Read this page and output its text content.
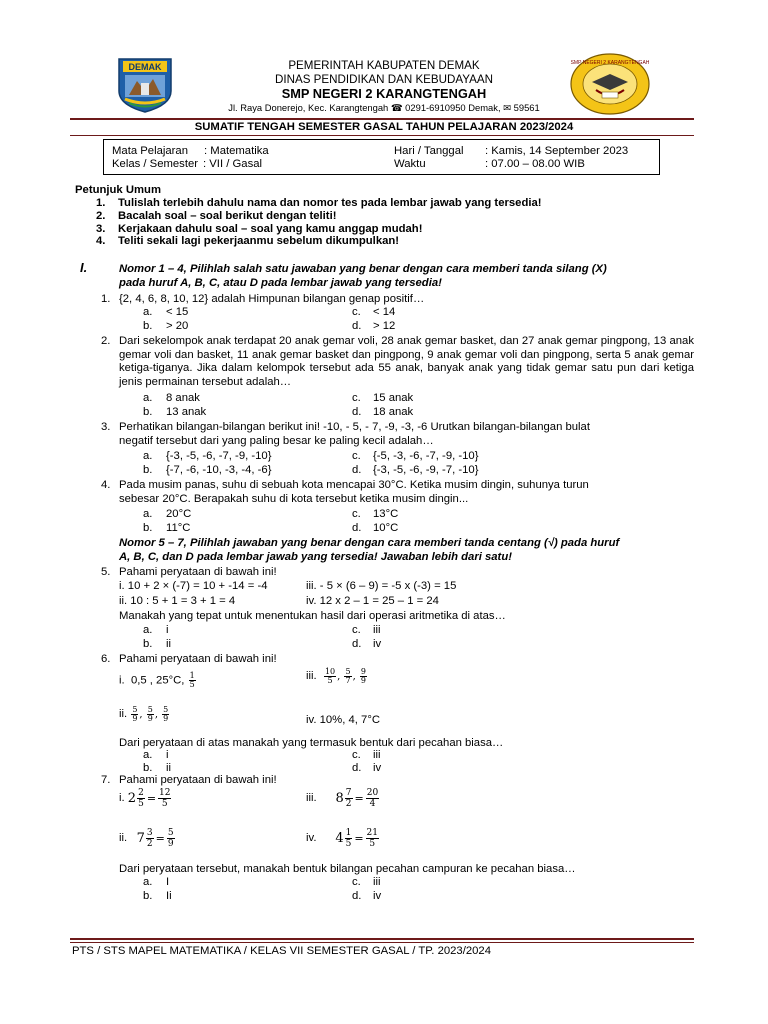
DEMAK	SMP NEGERI 2 KARANGTENGAH
PEMERINTAH KABUPATEN DEMAK
DINAS PENDIDIKAN DAN KEBUDAYAAN
SMP NEGERI 2 KARANGTENGAH
Jl. Raya Donerejo, Kec. Karangtengah ☎ 0291-6910950 Demak, ✉ 59561
SUMATIF TENGAH SEMESTER GASAL TAHUN PELAJARAN 2023/2024
Mata Pelajaran : Matematika
Kelas / Semester : VII / Gasal
Hari / Tanggal : Kamis, 14 September 2023
Waktu	: 07.00 – 08.00 WIB
Petunjuk Umum
1. Tulislah terlebih dahulu nama dan nomor tes pada lembar jawab yang tersedia!
2. Bacalah soal – soal berikut dengan teliti!
3. Kerjakaan dahulu soal – soal yang kamu anggap mudah!
4. Teliti sekali lagi pekerjaanmu sebelum dikumpulkan!
I.	Nomor 1 – 4, Pilihlah salah satu jawaban yang benar dengan cara memberi tanda silang (X)
pada huruf A, B, C, atau D pada lembar jawab yang tersedia!
1. {2, 4, 6, 8, 10, 12} adalah Himpunan bilangan genap positif…
a. < 15	c. < 14
b. > 20	d. > 12
2. Dari sekelompok anak terdapat 20 anak gemar voli, 28 anak gemar basket, dan 27 anak gemar pingpong, 13 anak gemar voli dan basket, 11 anak gemar basket dan pingpong, 9 anak gemar voli dan pingpong, serta 5 anak gemar ketiga-tiganya. Jika dalam kelompok tersebut ada 55 anak, banyak anak yang tidak gemar satu pun dari ketiga jenis permainan tersebut adalah…
a. 8 anak	c. 15 anak
b. 13 anak	d. 18 anak
3. Perhatikan bilangan-bilangan berikut ini! -10, - 5, - 7, -9, -3, -6 Urutkan bilangan-bilangan bulat
negatif tersebut dari yang paling besar ke paling kecil adalah…
a. {-3, -5, -6, -7, -9, -10}	c. {-5, -3, -6, -7, -9, -10}
b. {-7, -6, -10, -3, -4, -6}	d. {-3, -5, -6, -9, -7, -10}
4. Pada musim panas, suhu di sebuah kota mencapai 30°C. Ketika musim dingin, suhunya turun
sebesar 20°C. Berapakah suhu di kota tersebut ketika musim dingin...
a. 20°C	c. 13°C
b. 11°C	d. 10°C
Nomor 5 – 7, Pilihlah jawaban yang benar dengan cara memberi tanda centang (√) pada huruf
A, B, C, dan D pada lembar jawab yang tersedia! Jawaban lebih dari satu!
5. Pahami peryataan di bawah ini!
i. 10 + 2 × (-7) = 10 + -14 = -4	iii. - 5 × (6 – 9) = -5 x (-3) = 15
ii. 10 : 5 + 1 = 3 + 1 = 4	iv. 12 x 2 – 1 = 25 – 1 = 24
Manakah yang tepat untuk menentukan hasil dari operasi aritmetika di atas…
a. i	c. iii
b. ii	d. iv
6. Pahami peryataan di bawah ini!
i. 0,5 , 25°C, $\frac{1}{5}$	iii. $\frac{10}{5}$ , $\frac{5}{7}$ , $\frac{9}{9}$
ii. $\frac{5}{9}$ , $\frac{5}{9}$ , $\frac{5}{9}$	iv. 10%, 4, 7°C
Dari peryataan di atas manakah yang termasuk bentuk dari pecahan biasa…
a. i	c. iii
b. ii	d. iv
7. Pahami peryataan di bawah ini!
i. $2 \frac{2}{5} = \frac{12}{5}$	iii. $8 \frac{7}{2} = \frac{20}{4}$
ii. $7 \frac{3}{2} = \frac{5}{9}$	iv. $4 \frac{1}{5} = \frac{21}{5}$
Dari peryataan tersebut, manakah bentuk bilangan pecahan campuran ke pecahan biasa…
a. I	c. iii
b. Ii	d. iv
PTS / STS MAPEL MATEMATIKA / KELAS VII SEMESTER GASAL / TP. 2023/2024
